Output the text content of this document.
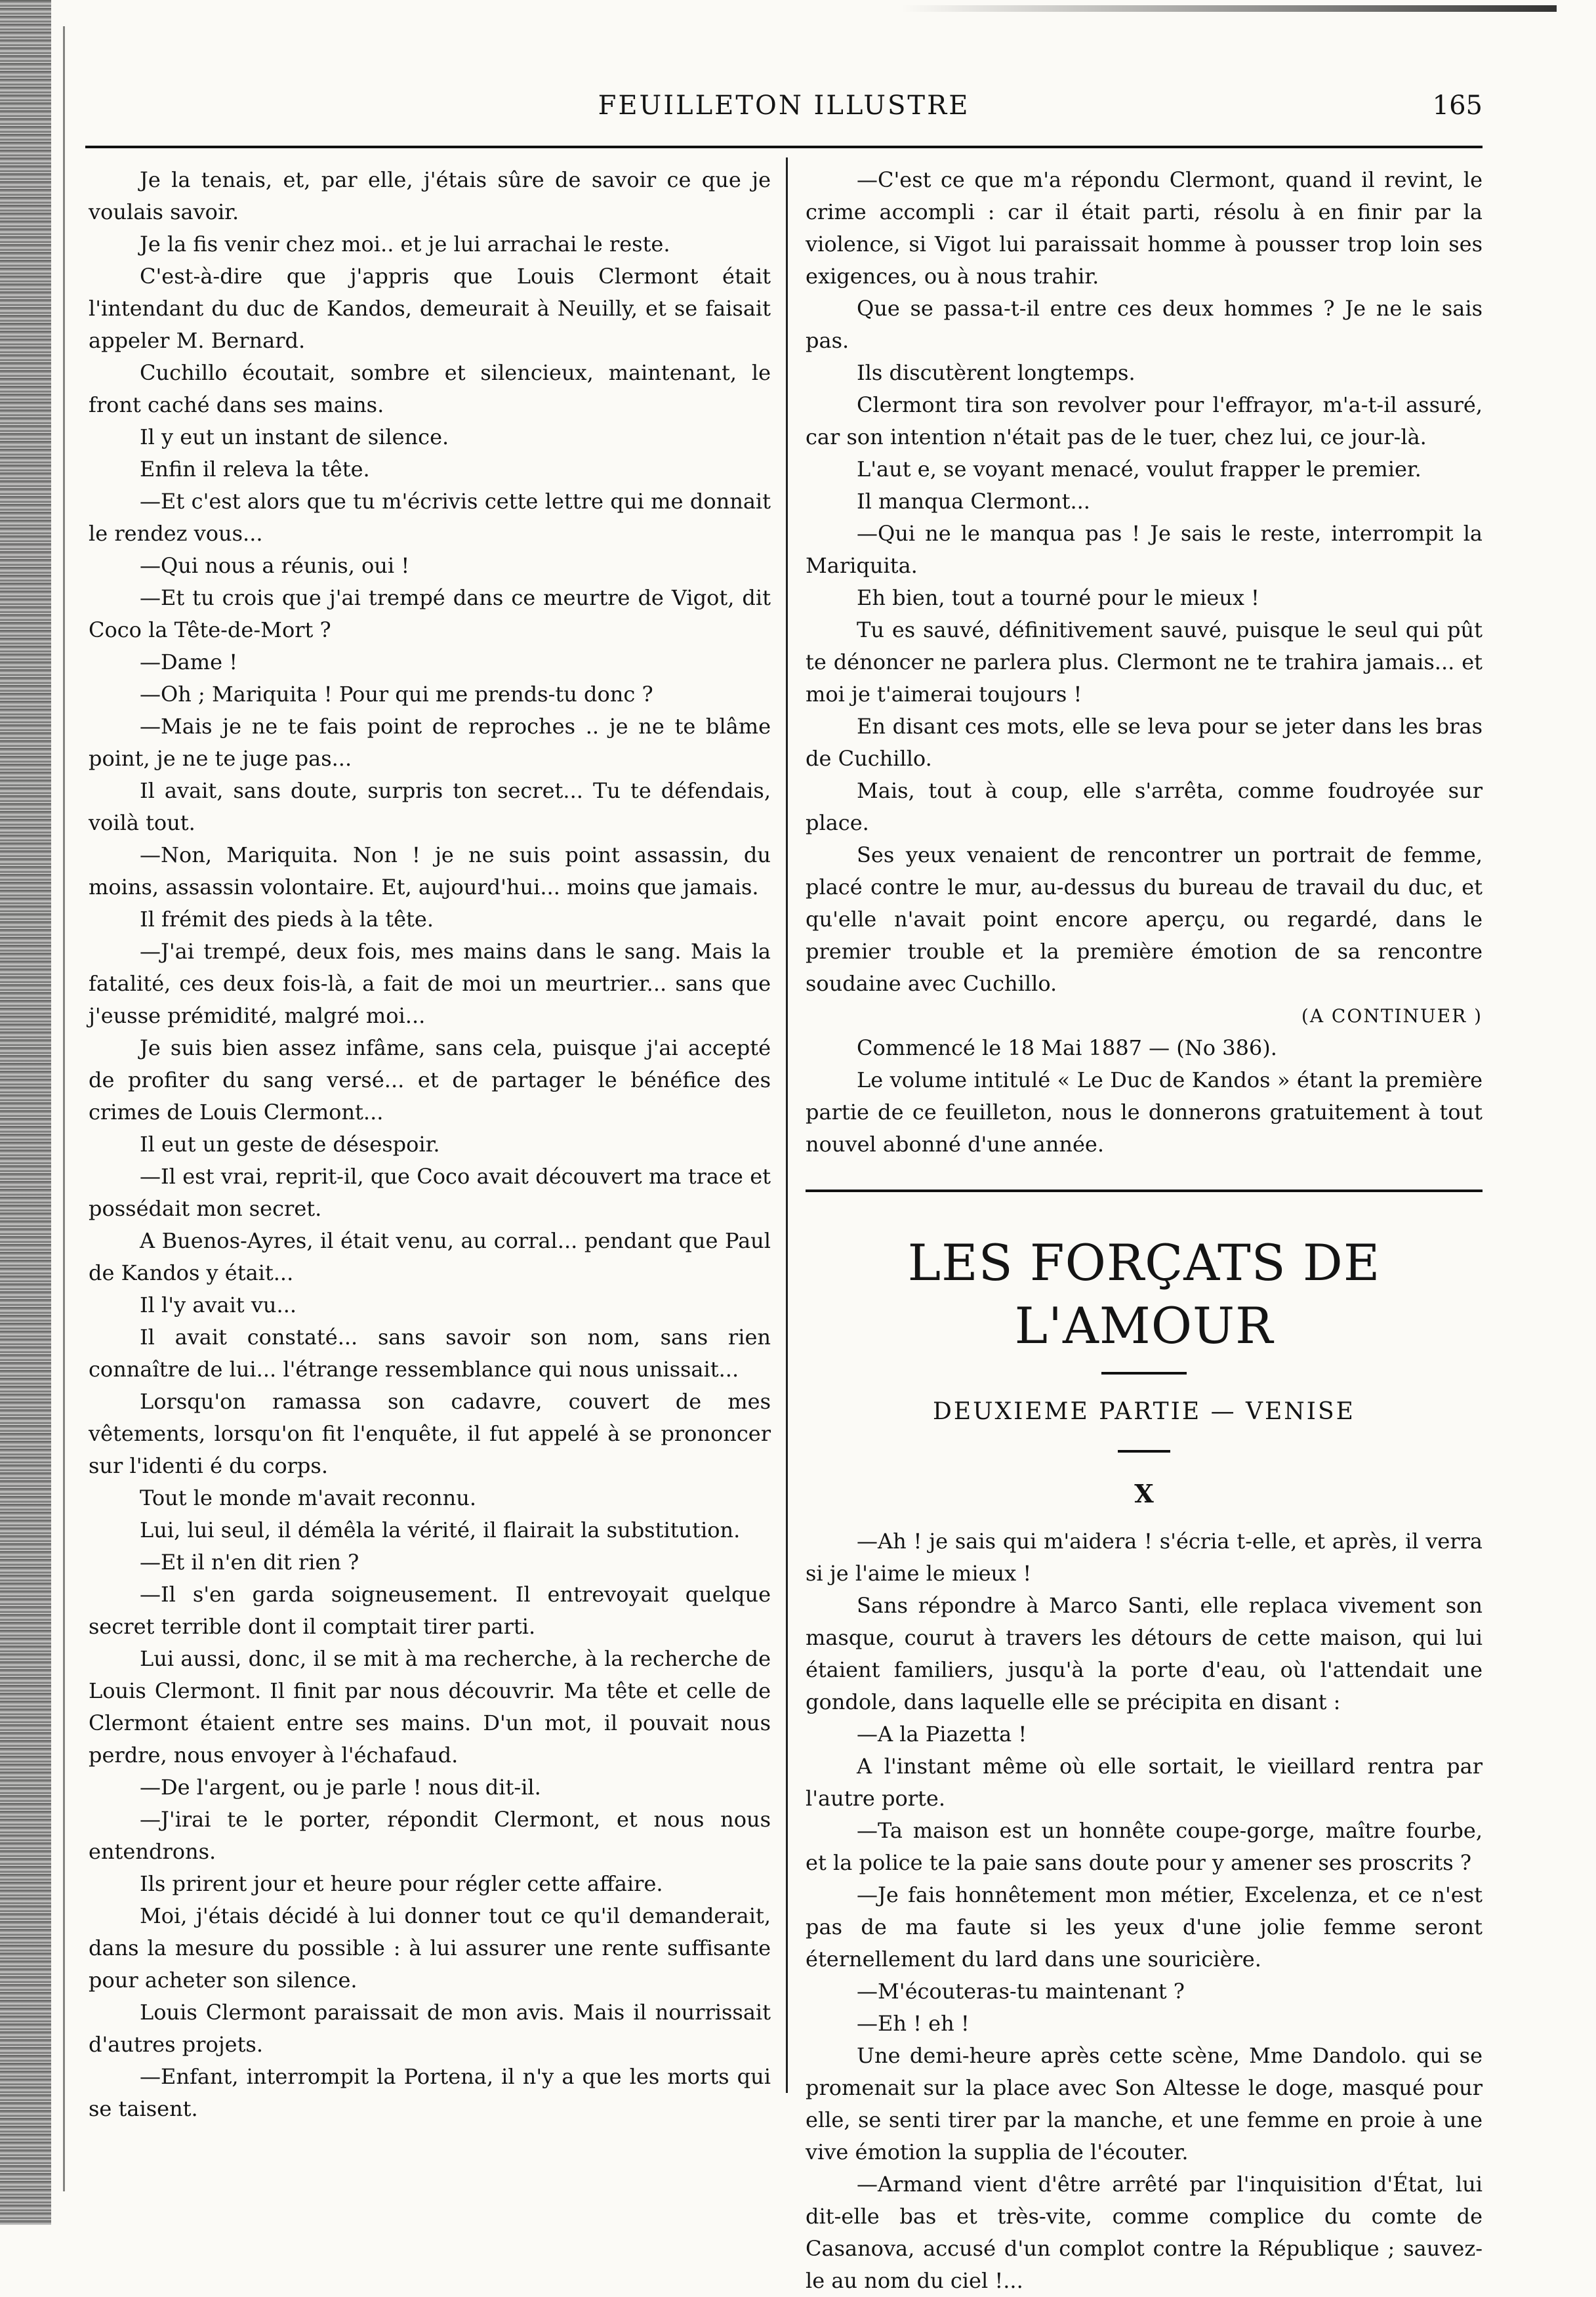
FEUILLETON ILLUSTRE	165

Je la tenais, et, par elle, j'étais sûre de savoir ce que je voulais savoir.

Je la fis venir chez moi.. et je lui arrachai le reste.

C'est-à-dire que j'appris que Louis Clermont était l'intendant du duc de Kandos, demeurait à Neuilly, et se faisait appeler M. Bernard.

Cuchillo écoutait, sombre et silencieux, maintenant, le front caché dans ses mains.

Il y eut un instant de silence.

Enfin il releva la tête.

—Et c'est alors que tu m'écrivis cette lettre qui me donnait le rendez vous...

—Qui nous a réunis, oui !

—Et tu crois que j'ai trempé dans ce meurtre de Vigot, dit Coco la Tête-de-Mort ?

—Dame !

—Oh ; Mariquita ! Pour qui me prends-tu donc ?

—Mais je ne te fais point de reproches .. je ne te blâme point, je ne te juge pas...

Il avait, sans doute, surpris ton secret... Tu te défendais, voilà tout.

—Non, Mariquita. Non ! je ne suis point assassin, du moins, assassin volontaire. Et, aujourd'hui... moins que jamais.

Il frémit des pieds à la tête.

—J'ai trempé, deux fois, mes mains dans le sang. Mais la fatalité, ces deux fois-là, a fait de moi un meurtrier... sans que j'eusse prémidité, malgré moi...

Je suis bien assez infâme, sans cela, puisque j'ai accepté de profiter du sang versé... et de partager le bénéfice des crimes de Louis Clermont...

Il eut un geste de désespoir.

—Il est vrai, reprit-il, que Coco avait découvert ma trace et possédait mon secret.

A Buenos-Ayres, il était venu, au corral... pendant que Paul de Kandos y était...

Il l'y avait vu...

Il avait constaté... sans savoir son nom, sans rien connaître de lui... l'étrange ressemblance qui nous unissait...

Lorsqu'on ramassa son cadavre, couvert de mes vêtements, lorsqu'on fit l'enquête, il fut appelé à se prononcer sur l'identi é du corps.

Tout le monde m'avait reconnu.

Lui, lui seul, il démêla la vérité, il flairait la substitution.

—Et il n'en dit rien ?

—Il s'en garda soigneusement. Il entrevoyait quelque secret terrible dont il comptait tirer parti.

Lui aussi, donc, il se mit à ma recherche, à la recherche de Louis Clermont. Il finit par nous découvrir. Ma tête et celle de Clermont étaient entre ses mains. D'un mot, il pouvait nous perdre, nous envoyer à l'échafaud.

—De l'argent, ou je parle ! nous dit-il.

—J'irai te le porter, répondit Clermont, et nous nous entendrons.

Ils prirent jour et heure pour régler cette affaire.

Moi, j'étais décidé à lui donner tout ce qu'il demanderait, dans la mesure du possible : à lui assurer une rente suffisante pour acheter son silence.

Louis Clermont paraissait de mon avis. Mais il nourrissait d'autres projets.

—Enfant, interrompit la Portena, il n'y a que les morts qui se taisent.

—C'est ce que m'a répondu Clermont, quand il revint, le crime accompli : car il était parti, résolu à en finir par la violence, si Vigot lui paraissait homme à pousser trop loin ses exigences, ou à nous trahir.

Que se passa-t-il entre ces deux hommes ? Je ne le sais pas.

Ils discutèrent longtemps.

Clermont tira son revolver pour l'effrayor, m'a-t-il assuré, car son intention n'était pas de le tuer, chez lui, ce jour-là.

L'aut e, se voyant menacé, voulut frapper le premier.

Il manqua Clermont...

—Qui ne le manqua pas ! Je sais le reste, interrompit la Mariquita.

Eh bien, tout a tourné pour le mieux !

Tu es sauvé, définitivement sauvé, puisque le seul qui pût te dénoncer ne parlera plus. Clermont ne te trahira jamais... et moi je t'aimerai toujours !

En disant ces mots, elle se leva pour se jeter dans les bras de Cuchillo.

Mais, tout à coup, elle s'arrêta, comme foudroyée sur place.

Ses yeux venaient de rencontrer un portrait de femme, placé contre le mur, au-dessus du bureau de travail du duc, et qu'elle n'avait point encore aperçu, ou regardé, dans le premier trouble et la première émotion de sa rencontre soudaine avec Cuchillo.

(A CONTINUER )

Commencé le 18 Mai 1887 — (No 386).

Le volume intitulé « Le Duc de Kandos » étant la première partie de ce feuilleton, nous le donnerons gratuitement à tout nouvel abonné d'une année.

LES FORÇATS DE L'AMOUR
DEUXIEME PARTIE — VENISE
X

—Ah ! je sais qui m'aidera ! s'écria t-elle, et après, il verra si je l'aime le mieux !

Sans répondre à Marco Santi, elle replaca vivement son masque, courut à travers les détours de cette maison, qui lui étaient familiers, jusqu'à la porte d'eau, où l'attendait une gondole, dans laquelle elle se précipita en disant :

—A la Piazetta !

A l'instant même où elle sortait, le vieillard rentra par l'autre porte.

—Ta maison est un honnête coupe-gorge, maître fourbe, et la police te la paie sans doute pour y amener ses proscrits ?

—Je fais honnêtement mon métier, Excelenza, et ce n'est pas de ma faute si les yeux d'une jolie femme seront éternellement du lard dans une souricière.

—M'écouteras-tu maintenant ?

—Eh ! eh !

Une demi-heure après cette scène, Mme Dandolo. qui se promenait sur la place avec Son Altesse le doge, masqué pour elle, se senti tirer par la manche, et une femme en proie à une vive émotion la supplia de l'écouter.

—Armand vient d'être arrêté par l'inquisition d'État, lui dit-elle bas et très-vite, comme complice du comte de Casanova, accusé d'un complot contre la République ; sauvez-le au nom du ciel !...
